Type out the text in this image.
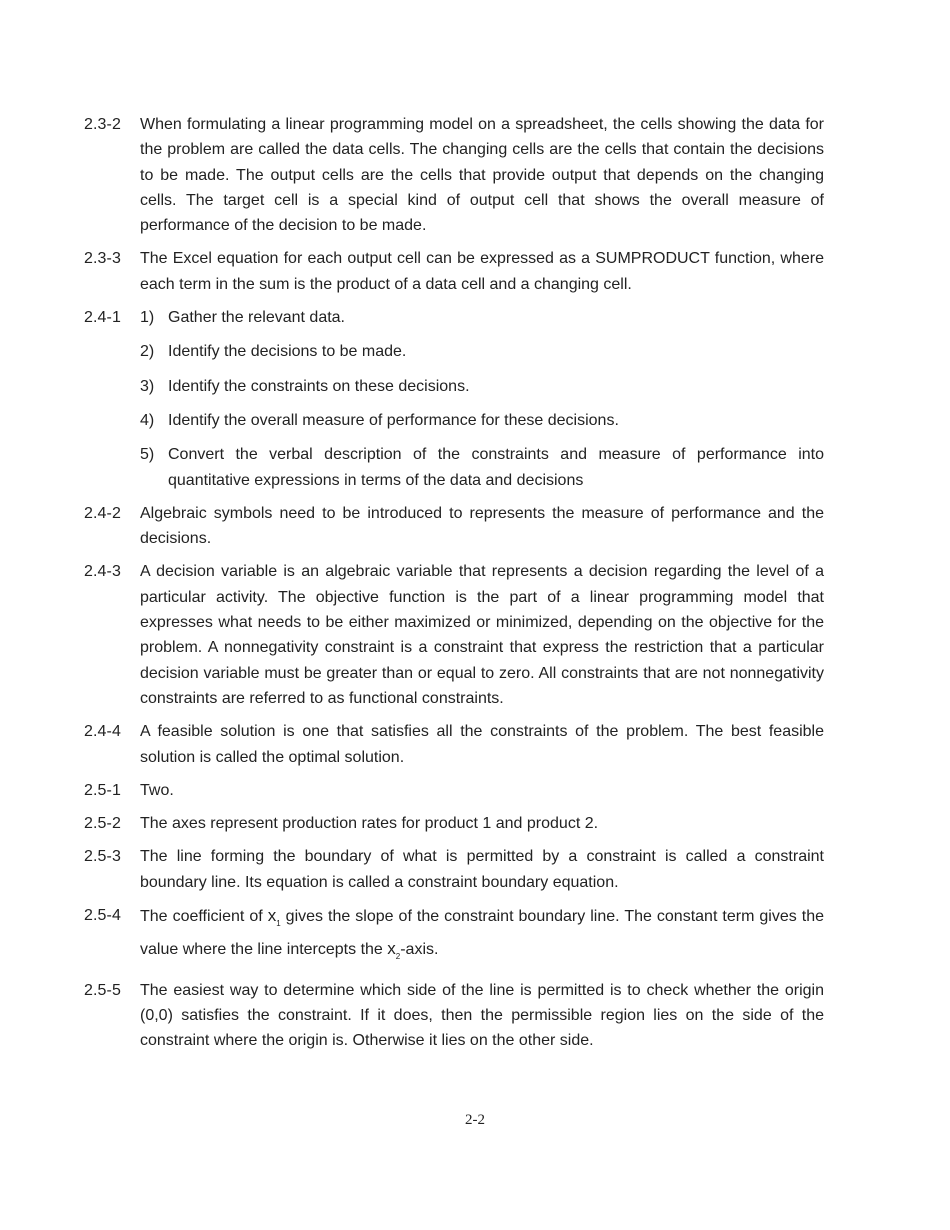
2.3-2	When formulating a linear programming model on a spreadsheet, the cells showing the data for the problem are called the data cells. The changing cells are the cells that contain the decisions to be made. The output cells are the cells that provide output that depends on the changing cells. The target cell is a special kind of output cell that shows the overall measure of performance of the decision to be made.
2.3-3	The Excel equation for each output cell can be expressed as a SUMPRODUCT function, where each term in the sum is the product of a data cell and a changing cell.
2.4-1	1) Gather the relevant data.
2) Identify the decisions to be made.
3) Identify the constraints on these decisions.
4) Identify the overall measure of performance for these decisions.
5) Convert the verbal description of the constraints and measure of performance into quantitative expressions in terms of the data and decisions
2.4-2	Algebraic symbols need to be introduced to represents the measure of performance and the decisions.
2.4-3	A decision variable is an algebraic variable that represents a decision regarding the level of a particular activity. The objective function is the part of a linear programming model that expresses what needs to be either maximized or minimized, depending on the objective for the problem. A nonnegativity constraint is a constraint that express the restriction that a particular decision variable must be greater than or equal to zero. All constraints that are not nonnegativity constraints are referred to as functional constraints.
2.4-4	A feasible solution is one that satisfies all the constraints of the problem. The best feasible solution is called the optimal solution.
2.5-1	Two.
2.5-2	The axes represent production rates for product 1 and product 2.
2.5-3	The line forming the boundary of what is permitted by a constraint is called a constraint boundary line. Its equation is called a constraint boundary equation.
2.5-4	The coefficient of $x_1$ gives the slope of the constraint boundary line. The constant term gives the value where the line intercepts the $x_2$-axis.
2.5-5	The easiest way to determine which side of the line is permitted is to check whether the origin (0,0) satisfies the constraint. If it does, then the permissible region lies on the side of the constraint where the origin is. Otherwise it lies on the other side.
2-2
